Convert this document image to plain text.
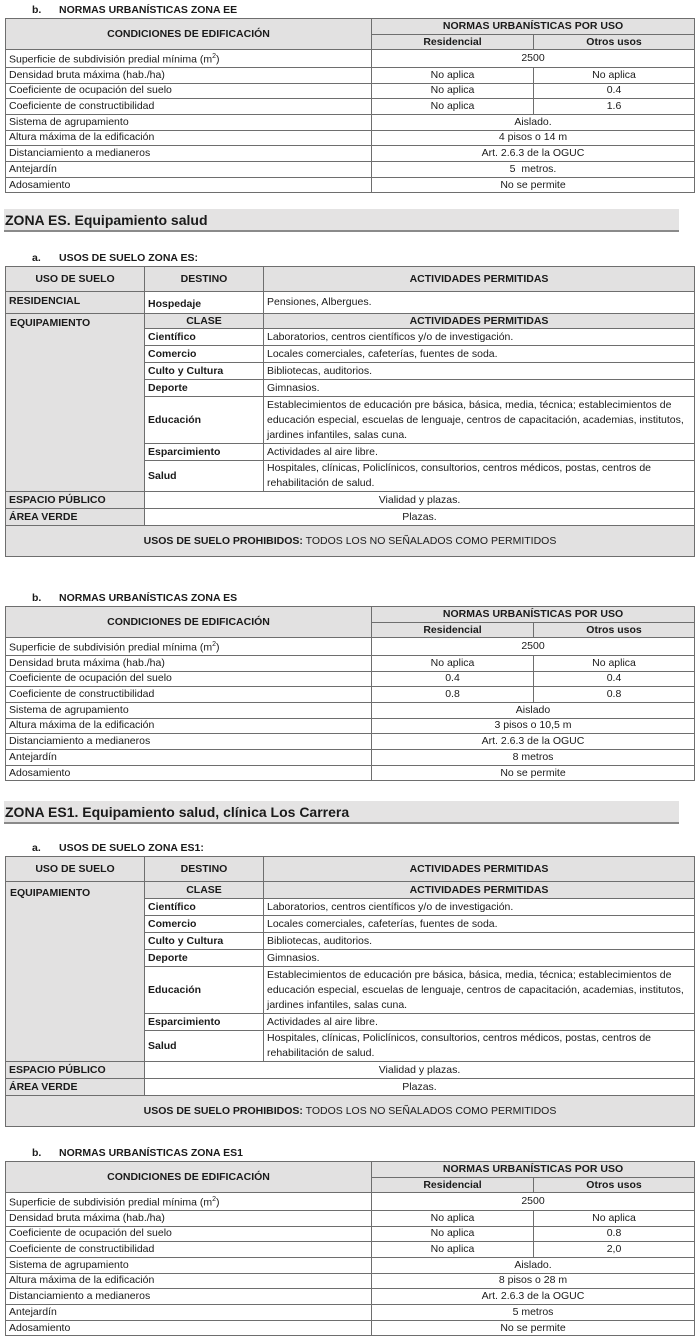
b. NORMAS URBANÍSTICAS ZONA EE
CONDICIONES DE EDIFICACIÓN	NORMAS URBANÍSTICAS POR USO	
	Residencial	Otros usos
Superficie de subdivisión predial mínima $(m^2)$	2500	
Densidad bruta máxima (hab./ha)	No aplica	No aplica
Coeficiente de ocupación del suelo	No aplica	0.4
Coeficiente de constructibilidad	No aplica	1.6
Sistema de agrupamiento	Aislado.	
Altura máxima de la edificación	4 pisos o 14 m	
Distanciamiento a medianeros	Art. 2.6.3 de la OGUC	
Antejardín	5  metros.	
Adosamiento	No se permite	
ZONA ES. Equipamiento salud
a. USOS DE SUELO ZONA ES:
USO DE SUELO	DESTINO	ACTIVIDADES PERMITIDAS
RESIDENCIAL	Hospedaje	Pensiones, Albergues.
EQUIPAMIENTO	CLASE	ACTIVIDADES PERMITIDAS
	Científico	Laboratorios, centros científicos y/o de investigación.
	Comercio	Locales comerciales, cafeterías, fuentes de soda.
	Culto y Cultura	Bibliotecas, auditorios.
	Deporte	Gimnasios.
	Educación	Establecimientos de educación pre básica, básica, media, técnica; establecimientos de educación especial, escuelas de lenguaje, centros de capacitación, academias, institutos, jardines infantiles, salas cuna.
	Esparcimiento	Actividades al aire libre.
	Salud	Hospitales, clínicas, Policlínicos, consultorios, centros médicos, postas, centros de rehabilitación de salud.
ESPACIO PÚBLICO	Vialidad y plazas.	
ÁREA VERDE	Plazas.	
USOS DE SUELO PROHIBIDOS: TODOS LOS NO SEÑALADOS COMO PERMITIDOS		
b. NORMAS URBANÍSTICAS ZONA ES
CONDICIONES DE EDIFICACIÓN	NORMAS URBANÍSTICAS POR USO	
	Residencial	Otros usos
Superficie de subdivisión predial mínima $(m^2)$	2500	
Densidad bruta máxima (hab./ha)	No aplica	No aplica
Coeficiente de ocupación del suelo	0.4	0.4
Coeficiente de constructibilidad	0.8	0.8
Sistema de agrupamiento	Aislado	
Altura máxima de la edificación	3 pisos o 10,5 m	
Distanciamiento a medianeros	Art. 2.6.3 de la OGUC	
Antejardín	8 metros	
Adosamiento	No se permite	
ZONA ES1. Equipamiento salud, clínica Los Carrera
a. USOS DE SUELO ZONA ES1:
USO DE SUELO	DESTINO	ACTIVIDADES PERMITIDAS
EQUIPAMIENTO	CLASE	ACTIVIDADES PERMITIDAS
	Científico	Laboratorios, centros científicos y/o de investigación.
	Comercio	Locales comerciales, cafeterías, fuentes de soda.
	Culto y Cultura	Bibliotecas, auditorios.
	Deporte	Gimnasios.
	Educación	Establecimientos de educación pre básica, básica, media, técnica; establecimientos de educación especial, escuelas de lenguaje, centros de capacitación, academias, institutos, jardines infantiles, salas cuna.
	Esparcimiento	Actividades al aire libre.
	Salud	Hospitales, clínicas, Policlínicos, consultorios, centros médicos, postas, centros de rehabilitación de salud.
ESPACIO PÚBLICO	Vialidad y plazas.	
ÁREA VERDE	Plazas.	
USOS DE SUELO PROHIBIDOS: TODOS LOS NO SEÑALADOS COMO PERMITIDOS		
b. NORMAS URBANÍSTICAS ZONA ES1
CONDICIONES DE EDIFICACIÓN	NORMAS URBANÍSTICAS POR USO	
	Residencial	Otros usos
Superficie de subdivisión predial mínima $(m^2)$	2500	
Densidad bruta máxima (hab./ha)	No aplica	No aplica
Coeficiente de ocupación del suelo	No aplica	0.8
Coeficiente de constructibilidad	No aplica	2,0
Sistema de agrupamiento	Aislado.	
Altura máxima de la edificación	8 pisos o 28 m	
Distanciamiento a medianeros	Art. 2.6.3 de la OGUC	
Antejardín	5 metros	
Adosamiento	No se permite	
